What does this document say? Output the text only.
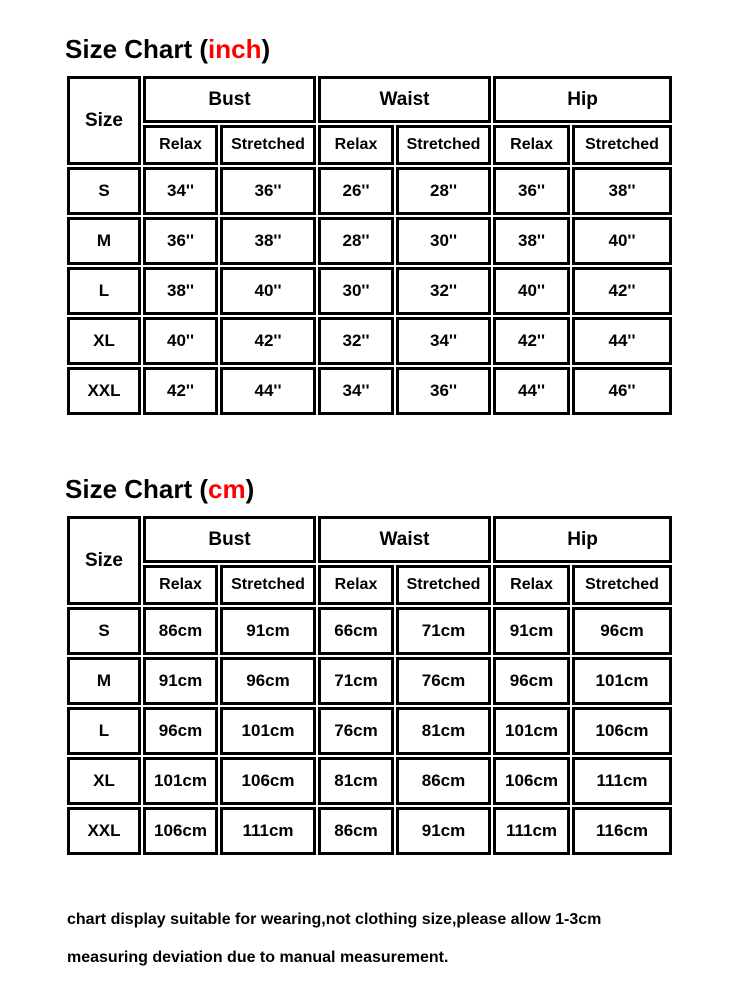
Size Chart (inch)
Size	Bust		Waist		Hip	
	Relax	Stretched	Relax	Stretched	Relax	Stretched
S	34''	36''	26''	28''	36''	38''
M	36''	38''	28''	30''	38''	40''
L	38''	40''	30''	32''	40''	42''
XL	40''	42''	32''	34''	42''	44''
XXL	42''	44''	34''	36''	44''	46''
Size Chart (cm)
Size	Bust		Waist		Hip	
	Relax	Stretched	Relax	Stretched	Relax	Stretched
S	86cm	91cm	66cm	71cm	91cm	96cm
M	91cm	96cm	71cm	76cm	96cm	101cm
L	96cm	101cm	76cm	81cm	101cm	106cm
XL	101cm	106cm	81cm	86cm	106cm	111cm
XXL	106cm	111cm	86cm	91cm	111cm	116cm
chart display suitable for wearing,not clothing size,please allow 1-3cm
measuring deviation due to manual measurement.
